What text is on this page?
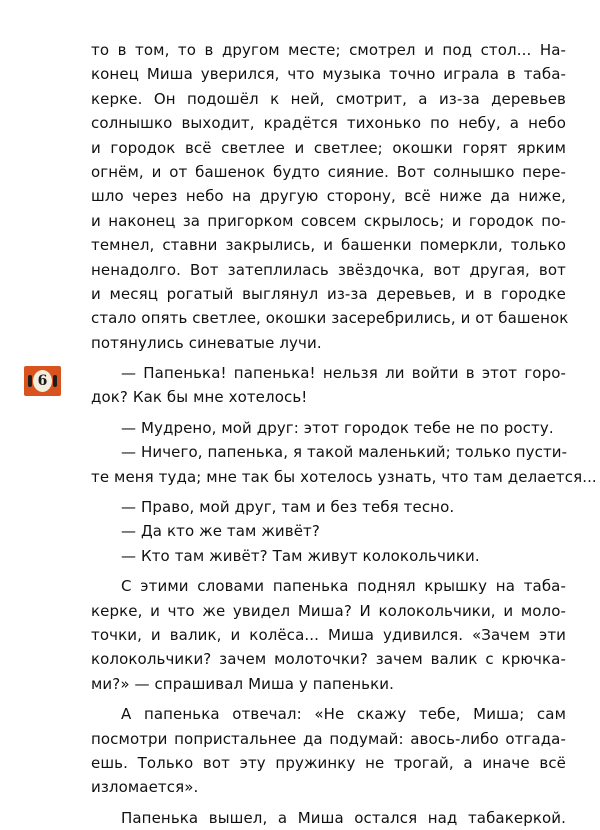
то в том, то в другом месте; смотрел и под стол... На-
конец Миша уверился, что музыка точно играла в таба-
керке. Он подошёл к ней, смотрит, а из-за деревьев
солнышко выходит, крадётся тихонько по небу, а небо
и городок всё светлее и светлее; окошки горят ярким
огнём, и от башенок будто сияние. Вот солнышко пере-
шло через небо на другую сторону, всё ниже да ниже,
и наконец за пригорком совсем скрылось; и городок по-
темнел, ставни закрылись, и башенки померкли, только
ненадолго. Вот затеплилась звёздочка, вот другая, вот
и месяц рогатый выглянул из-за деревьев, и в городке
стало опять светлее, окошки засеребрились, и от башенок
потянулись синеватые лучи.
— Папенька! папенька! нельзя ли войти в этот горо-
док? Как бы мне хотелось!
— Мудрено, мой друг: этот городок тебе не по росту.
— Ничего, папенька, я такой маленький; только пусти-
те меня туда; мне так бы хотелось узнать, что там делается...
— Право, мой друг, там и без тебя тесно.
— Да кто же там живёт?
— Кто там живёт? Там живут колокольчики.
С этими словами папенька поднял крышку на таба-
керке, и что же увидел Миша? И колокольчики, и моло-
точки, и валик, и колёса... Миша удивился. «Зачем эти
колокольчики? зачем молоточки? зачем валик с крючка-
ми?» — спрашивал Миша у папеньки.
А папенька отвечал: «Не скажу тебе, Миша; сам
посмотри попристальнее да подумай: авось-либо отгада-
ешь. Только вот эту пружинку не трогай, а иначе всё
изломается».
Папенька вышел, а Миша остался над табакеркой.
6
